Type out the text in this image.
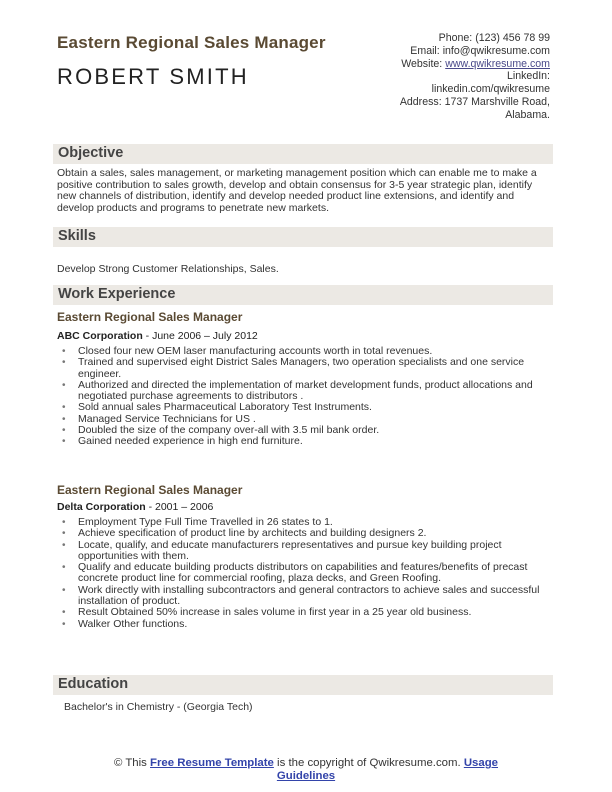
Eastern Regional Sales Manager
ROBERT SMITH
Phone: (123) 456 78 99
Email: info@qwikresume.com
Website: www.qwikresume.com
LinkedIn:
linkedin.com/qwikresume
Address: 1737 Marshville Road,
Alabama.
Objective
Obtain a sales, sales management, or marketing management position which can enable me to make a positive contribution to sales growth, develop and obtain consensus for 3-5 year strategic plan, identify new channels of distribution, identify and develop needed product line extensions, and identify and develop products and programs to penetrate new markets.
Skills
Develop Strong Customer Relationships, Sales.
Work Experience
Eastern Regional Sales Manager
ABC Corporation - June 2006 – July 2012
• Closed four new OEM laser manufacturing accounts worth in total revenues.
• Trained and supervised eight District Sales Managers, two operation specialists and one service engineer.
• Authorized and directed the implementation of market development funds, product allocations and negotiated purchase agreements to distributors .
• Sold annual sales Pharmaceutical Laboratory Test Instruments.
• Managed Service Technicians for US .
• Doubled the size of the company over-all with 3.5 mil bank order.
• Gained needed experience in high end furniture.
Eastern Regional Sales Manager
Delta Corporation - 2001 – 2006
• Employment Type Full Time Travelled in 26 states to 1.
• Achieve specification of product line by architects and building designers 2.
• Locate, qualify, and educate manufacturers representatives and pursue key building project opportunities with them.
• Qualify and educate building products distributors on capabilities and features/benefits of precast concrete product line for commercial roofing, plaza decks, and Green Roofing.
• Work directly with installing subcontractors and general contractors to achieve sales and successful installation of product.
• Result Obtained 50% increase in sales volume in first year in a 25 year old business.
• Walker Other functions.
Education
Bachelor's in Chemistry - (Georgia Tech)
© This Free Resume Template is the copyright of Qwikresume.com. Usage
Guidelines
